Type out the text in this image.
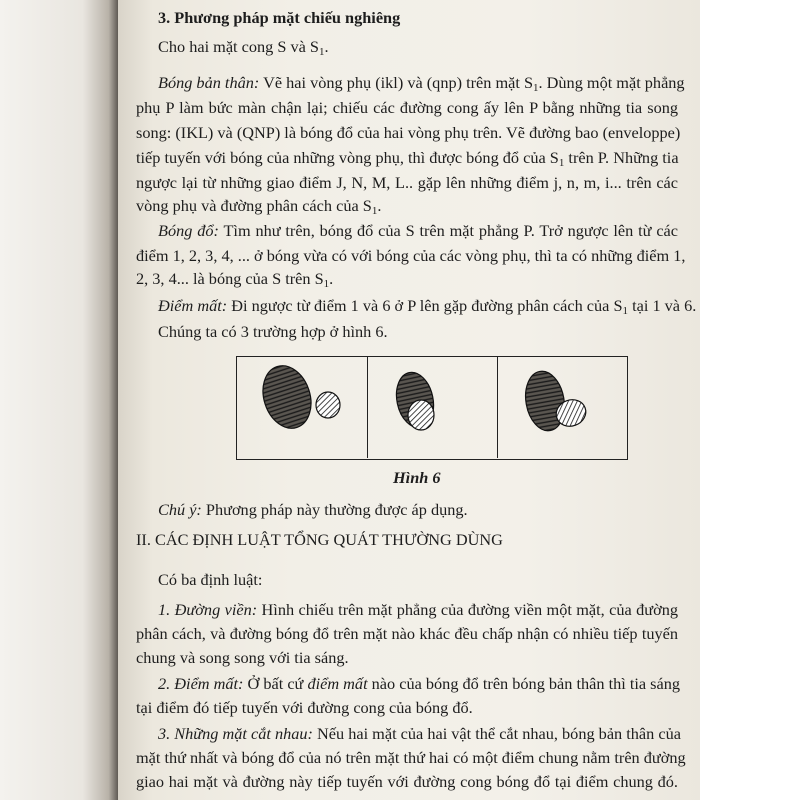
3. Phương pháp mặt chiếu nghiêng
Cho hai mặt cong S và $S_1$.
Bóng bản thân: Vẽ hai vòng phụ (ikl) và (qnp) trên mặt $S_1$. Dùng một mặt phẳng
phụ P làm bức màn chận lại; chiếu các đường cong ấy lên P bằng những tia song
song: (IKL) và (QNP) là bóng đổ của hai vòng phụ trên. Vẽ đường bao (enveloppe)
tiếp tuyến với bóng của những vòng phụ, thì được bóng đổ của $S_1$ trên P. Những tia
ngược lại từ những giao điểm J, N, M, L.. gặp lên những điểm j, n, m, i... trên các
vòng phụ và đường phân cách của $S_1$.
Bóng đổ: Tìm như trên, bóng đổ của S trên mặt phẳng P. Trở ngược lên từ các
điểm 1, 2, 3, 4, ... ở bóng vừa có với bóng của các vòng phụ, thì ta có những điểm 1,
2, 3, 4... là bóng của S trên $S_1$.
Điểm mất: Đi ngược từ điểm 1 và 6 ở P lên gặp đường phân cách của $S_1$ tại 1 và 6.
Chúng ta có 3 trường hợp ở hình 6.
Hình 6
Chú ý: Phương pháp này thường được áp dụng.
II. CÁC ĐỊNH LUẬT TỔNG QUÁT THƯỜNG DÙNG
Có ba định luật:
1. Đường viền: Hình chiếu trên mặt phẳng của đường viền một mặt, của đường
phân cách, và đường bóng đổ trên mặt nào khác đều chấp nhận có nhiều tiếp tuyến
chung và song song với tia sáng.
2. Điểm mất: Ở bất cứ điểm mất nào của bóng đổ trên bóng bản thân thì tia sáng
tại điểm đó tiếp tuyến với đường cong của bóng đổ.
3. Những mặt cắt nhau: Nếu hai mặt của hai vật thể cắt nhau, bóng bản thân của
mặt thứ nhất và bóng đổ của nó trên mặt thứ hai có một điểm chung nằm trên đường
giao hai mặt và đường này tiếp tuyến với đường cong bóng đổ tại điểm chung đó.
